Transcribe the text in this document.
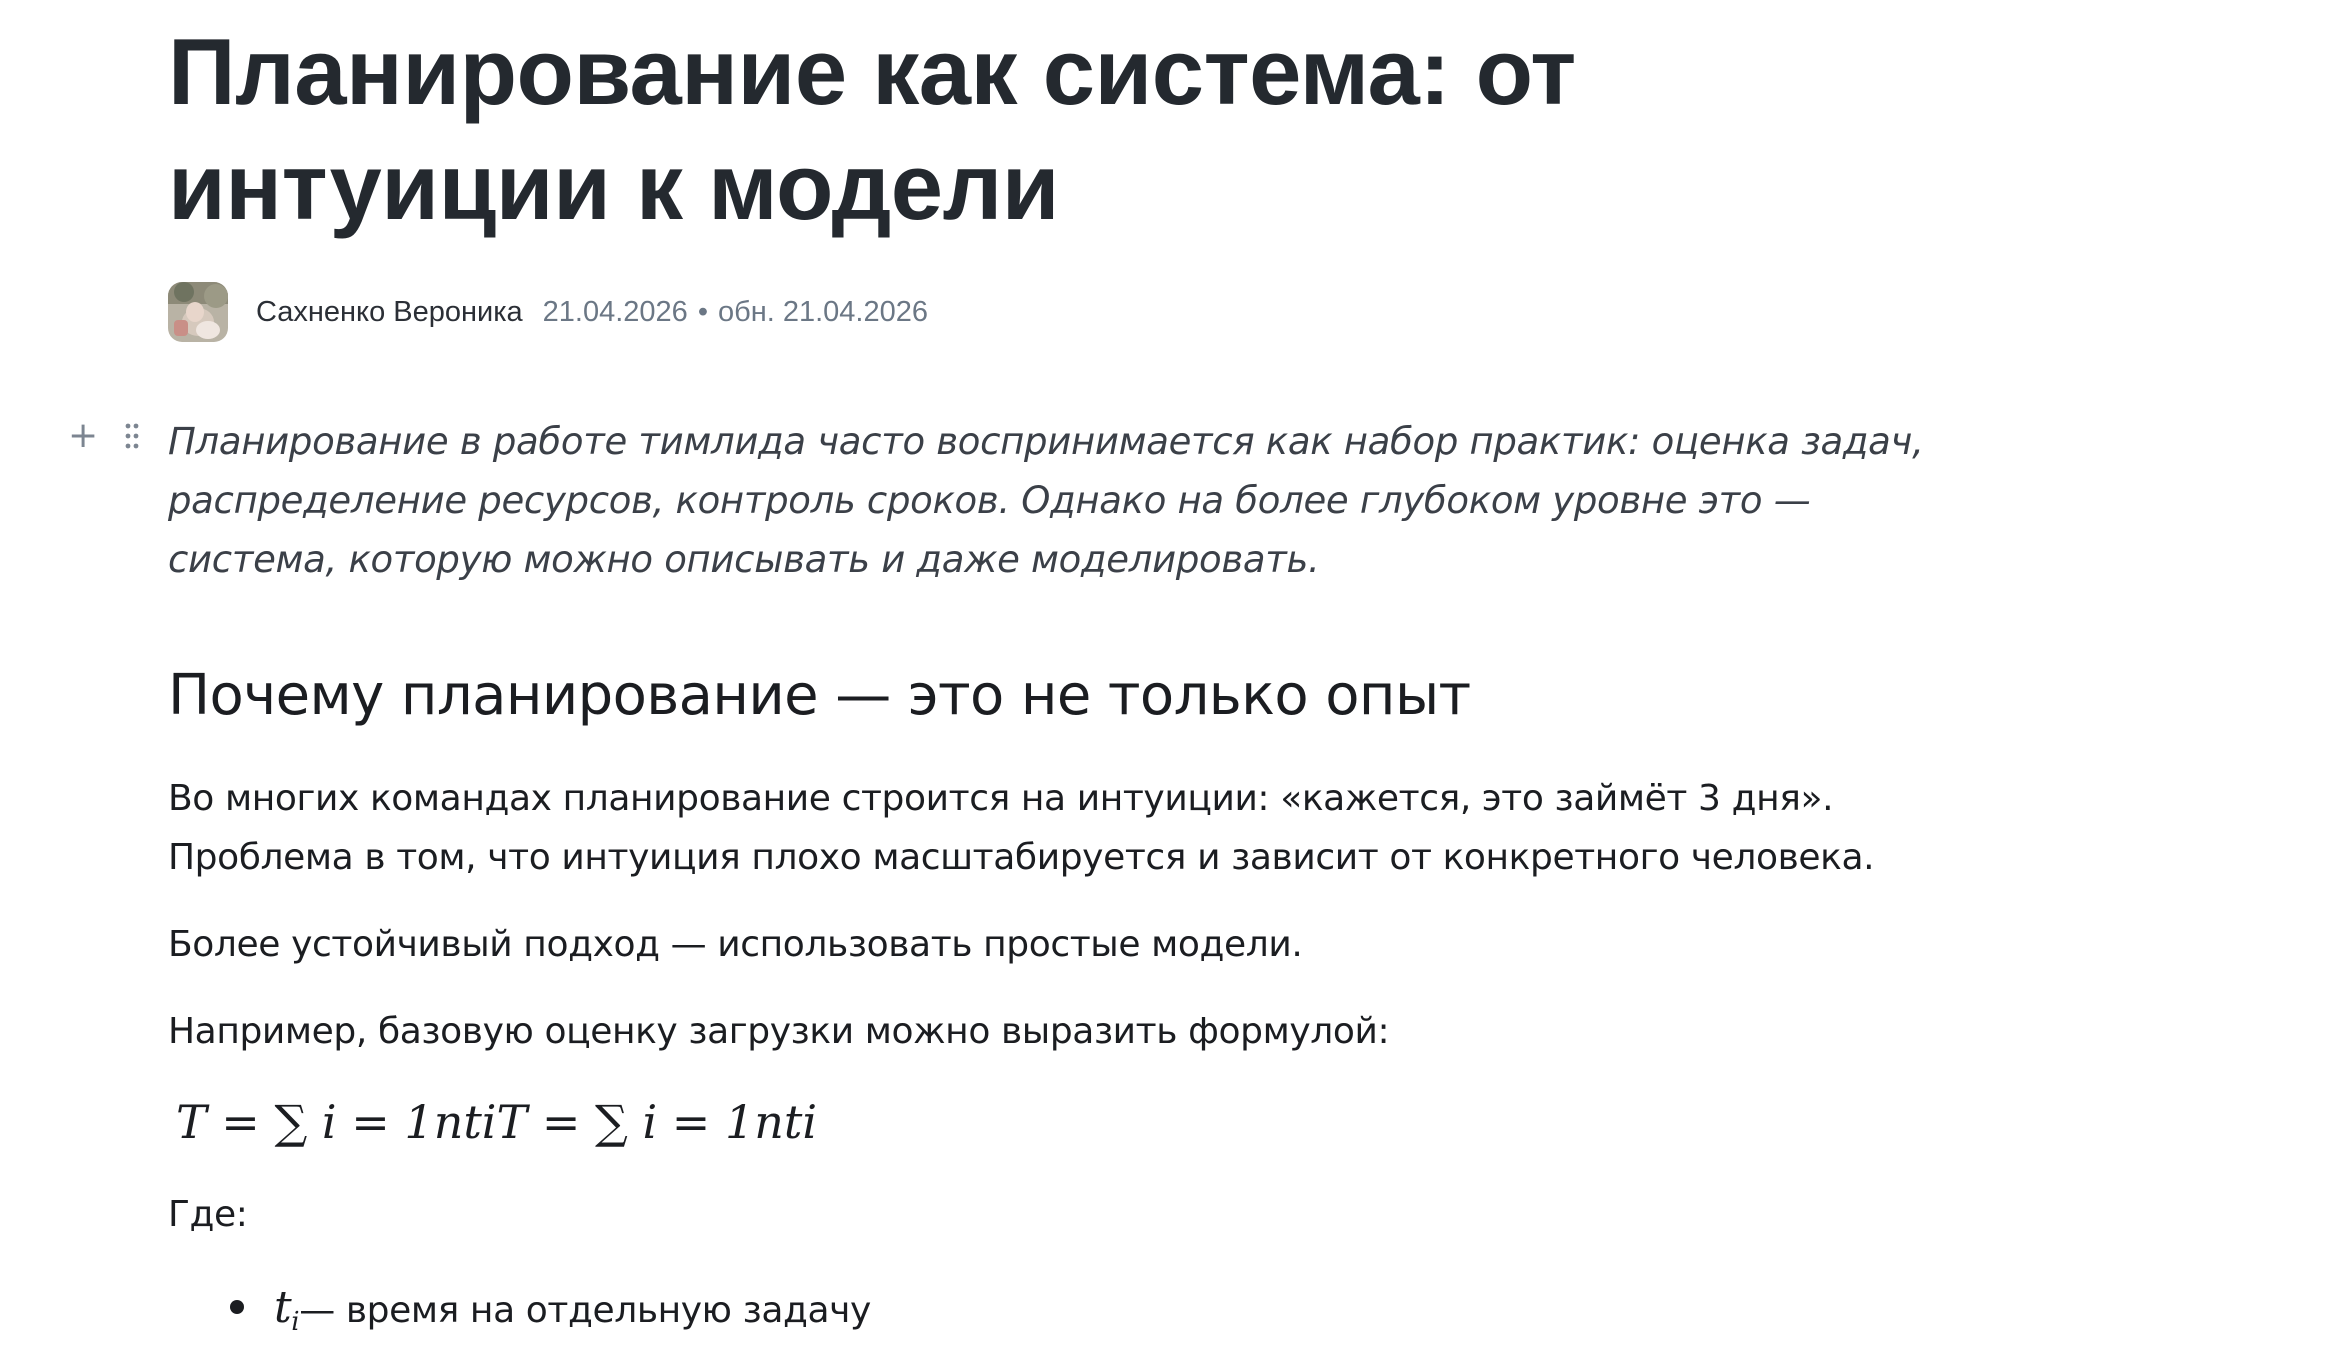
Планирование как система: от интуиции к модели
Сахненко Вероника 21.04.2026 • обн. 21.04.2026
+ Планирование в работе тимлида часто воспринимается как набор практик: оценка задач, распределение ресурсов, контроль сроков. Однако на более глубоком уровне это — система, которую можно описывать и даже моделировать.

Почему планирование — это не только опыт

Во многих командах планирование строится на интуиции: «кажется, это займёт 3 дня». Проблема в том, что интуиция плохо масштабируется и зависит от конкретного человека.

Более устойчивый подход — использовать простые модели.

Например, базовую оценку загрузки можно выразить формулой:

T = ∑ i = 1ntiT = ∑ i = 1nti

Где:

$t_i$ — время на отдельную задачу
